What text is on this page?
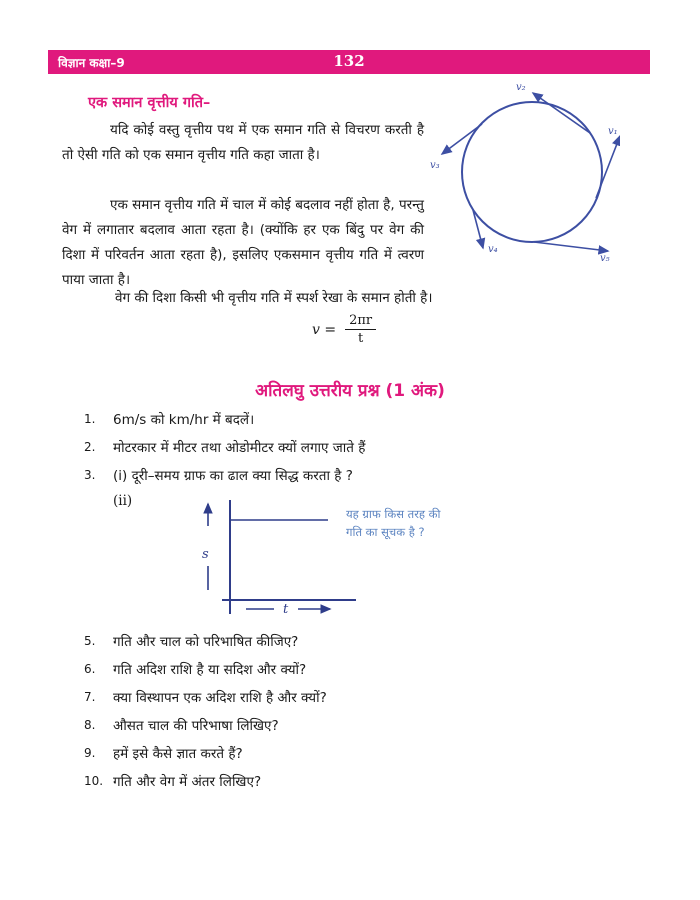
विज्ञान कक्षा–9	132
एक समान वृत्तीय गति–
यदि कोई वस्तु वृत्तीय पथ में एक समान गति से विचरण करती है तो ऐसी गति को एक समान वृत्तीय गति कहा जाता है।
एक समान वृत्तीय गति में चाल में कोई बदलाव नहीं होता है, परन्तु वेग में लगातार बदलाव आता रहता है। (क्योंकि हर एक बिंदु पर वेग की दिशा में परिवर्तन आता रहता है), इसलिए एकसमान वृत्तीय गति में त्वरण पाया जाता है।
वेग की दिशा किसी भी वृत्तीय गति में स्पर्श रेखा के समान होती है।
$v = \frac{2\pi r}{t}$
v₂
v₁
v₃
v₄
v₅
अतिलघु उत्तरीय प्रश्न (1 अंक)
1.	6m/s को km/hr में बदलें।
2.	मोटरकार में मीटर तथा ओडोमीटर क्यों लगाए जाते हैं
3.	(i) दूरी–समय ग्राफ का ढाल क्या सिद्ध करता है ?
(ii)
s
t
यह ग्राफ किस तरह की
गति का सूचक है ?
5.	गति और चाल को परिभाषित कीजिए?
6.	गति अदिश राशि है या सदिश और क्यों?
7.	क्या विस्थापन एक अदिश राशि है और क्यों?
8.	औसत चाल की परिभाषा लिखिए?
9.	हमें इसे कैसे ज्ञात करते हैं?
10. गति और वेग में अंतर लिखिए?
